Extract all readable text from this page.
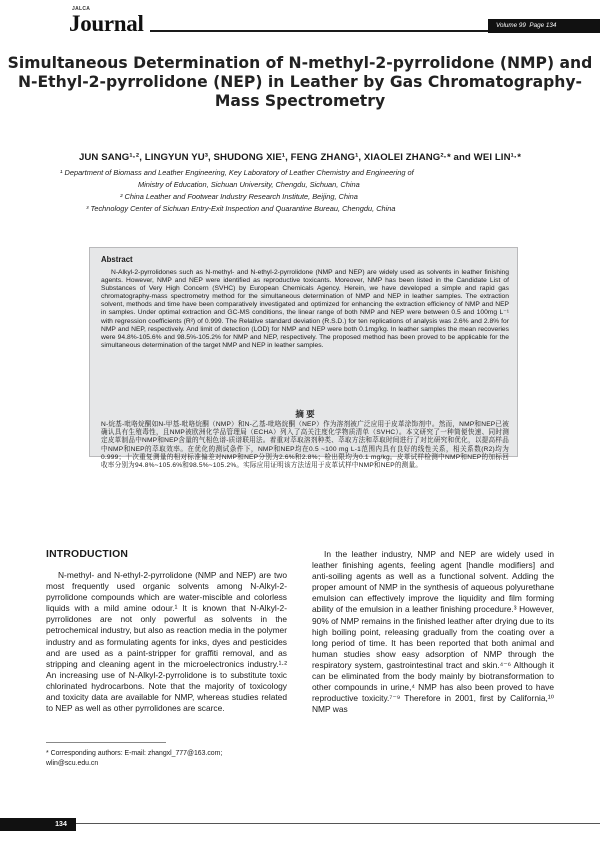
JALCA
Journal	Volume 99 Page 134
Simultaneous Determination of N-methyl-2-pyrrolidone (NMP) and N-Ethyl-2-pyrrolidone (NEP) in Leather by Gas Chromatography-Mass Spectrometry
JUN SANG¹·², LINGYUN YU³, SHUDONG XIE¹, FENG ZHANG¹, XIAOLEI ZHANG²·* and WEI LIN¹·*

¹ Department of Biomass and Leather Engineering, Key Laboratory of Leather Chemistry and Engineering of

Ministry of Education, Sichuan University, Chengdu, Sichuan, China

² China Leather and Footwear Industry Research Institute, Beijing, China

³ Technology Center of Sichuan Entry-Exit Inspection and Quarantine Bureau, Chengdu, China

Abstract

N-Alkyl-2-pyrrolidones such as N-methyl- and N-ethyl-2-pyrrolidone (NMP and NEP) are widely used as solvents in leather finishing agents. However, NMP and NEP were identified as reproductive toxicants. Moreover, NMP has been listed in the Candidate List of Substances of Very High Concern (SVHC) by European Chemicals Agency. Herein, we have developed a simple and rapid gas chromatography-mass spectrometry method for the simultaneous determination of NMP and NEP in leather samples. The extraction solvent, methods and time have been comparatively investigated and optimized for enhancing the extraction efficiency of NMP and NEP in samples. Under optimal extraction and GC-MS conditions, the linear range of both NMP and NEP were between 0.5 and 100mg L⁻¹ with regression coefficients (R²) of 0.999. The Relative standard deviation (R.S.D.) for ten replications of analysis was 2.6% and 2.8% for NMP and NEP, respectively. And limit of detection (LOD) for NMP and NEP were both 0.1mg/kg. In leather samples the mean recoveries were 94.8%-105.6% and 98.5%-105.2% for NMP and NEP, respectively. The proposed method has been proved to be applicable for the simultaneous determination of the target NMP and NEP in leather samples.

摘 要

N-烷基-吡咯烷酮如N-甲基-吡咯烷酮（NMP）和N-乙基-吡咯烷酮（NEP）作为溶剂被广泛应用于皮革涂饰剂中。然而，NMP和NEP已被确认具有生殖毒性，且NMP被欧洲化学品管理局（ECHA）列入了高关注度化学物质清单（SVHC）。本文研究了一种简便快速、同时测定皮革制品中NMP和NEP含量的气相色谱-质谱联用法。着重对萃取溶剂种类、萃取方法和萃取时间进行了对比研究和优化，以提高样品中NMP和NEP的萃取效率。在优化的测试条件下，NMP和NEP均在0.5 ~100 mg L-1范围内具有良好的线性关系，相关系数(R2)均为0.999；十次重复测量的相对标准偏差对NMP和NEP分别为2.6%和2.8%；检出限均为0.1 mg/kg。皮革试样检测中NMP和NEP的加标回收率分别为94.8%~105.6%和98.5%~105.2%。实际应用证明该方法适用于皮革试样中NMP和NEP的测量。

INTRODUCTION

N-methyl- and N-ethyl-2-pyrrolidone (NMP and NEP) are two most frequently used organic solvents among N-Alkyl-2-pyrrolidone compounds which are water-miscible and colorless liquids with a mild amine odour.¹ It is known that N-Alkyl-2-pyrrolidones are not only powerful as solvents in the petrochemical industry, but also as reaction media in the polymer industry and as formulating agents for inks, dyes and pesticides and are used as a paint-stripper for graffiti removal, and as stripping and cleaning agent in the microelectronics industry.¹·² An increasing use of N-Alkyl-2-pyrrolidone is to substitute toxic chlorinated hydrocarbons. Note that the majority of toxicology and toxicity data are available for NMP, whereas studies related to NEP as well as other pyrrolidones are scarce.

In the leather industry, NMP and NEP are widely used in leather finishing agents, feeling agent [handle modifiers] and anti-soiling agents as well as a functional solvent. Adding the proper amount of NMP in the synthesis of aqueous polyurethane emulsion can effectively improve the liquidity and film forming ability of the emulsion in a leather finishing procedure.³ However, 90% of NMP remains in the finished leather after drying due to its high boiling point, releasing gradually from the coating over a long period of time. It has been reported that both animal and human studies show easy adsorption of NMP through the respiratory system, gastrointestinal tract and skin.⁴⁻⁶ Although it can be eliminated from the body mainly by biotransformation to other compounds in urine,⁴ NMP has also been proved to have reproductive toxicity.⁷⁻⁹ Therefore in 2001, first by California,¹⁰ NMP was

* Corresponding authors: E-mail: zhangxl_777@163.com;
wlin@scu.edu.cn
134
